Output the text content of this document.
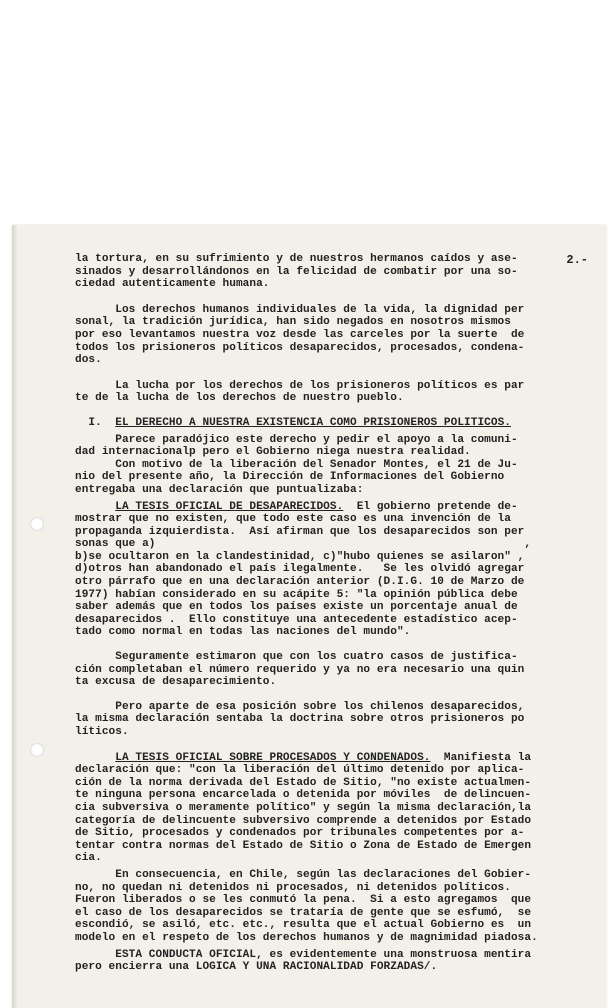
2.-
la tortura, en su sufrimiento y de nuestros hermanos caídos y ase-
sinados y desarrollándonos en la felicidad de combatir por una so-
ciedad autenticamente humana.
Los derechos humanos individuales de la vida, la dignidad per
sonal, la tradición jurídica, han sido negados en nosotros mismos
por eso levantamos nuestra voz desde las carceles por la suerte  de
todos los prisioneros políticos desaparecidos, procesados, condena-
dos.
La lucha por los derechos de los prisioneros políticos es par
te de la lucha de los derechos de nuestro pueblo.
I.  EL DERECHO A NUESTRA EXISTENCIA COMO PRISIONEROS POLITICOS.
Parece paradójico este derecho y pedir el apoyo a la comuni-
dad internacionalp pero el Gobierno niega nuestra realidad.
Con motivo de la liberación del Senador Montes, el 21 de Ju-
nio del presente año, la Dirección de Informaciones del Gobierno
entregaba una declaración que puntualizaba:
LA TESIS OFICIAL DE DESAPARECIDOS.  El gobierno pretende de-
mostrar que no existen, que todo este caso es una invención de la
propaganda izquierdista.  Así afirman que los desaparecidos son per
sonas que a)                                                       ,
b)se ocultaron en la clandestinidad, c)"hubo quienes se asilaron" ,
d)otros han abandonado el país ilegalmente.   Se les olvidó agregar
otro párrafo que en una declaración anterior (D.I.G. 10 de Marzo de
1977) habían considerado en su acápite 5: "la opinión pública debe
saber además que en todos los países existe un porcentaje anual de
desaparecidos .  Ello constituye una antecedente estadístico acep-
tado como normal en todas las naciones del mundo".
Seguramente estimaron que con los cuatro casos de justifica-
ción completaban el número requerido y ya no era necesario una quin
ta excusa de desaparecimiento.
Pero aparte de esa posición sobre los chilenos desaparecidos,
la misma declaración sentaba la doctrina sobre otros prisioneros po
líticos.
LA TESIS OFICIAL SOBRE PROCESADOS Y CONDENADOS.  Manifiesta la
declaración que: "con la liberación del último detenido por aplica-
ción de la norma derivada del Estado de Sitio, "no existe actualmen-
te ninguna persona encarcelada o detenida por móviles  de delincuen-
cia subversiva o meramente político" y según la misma declaración,la
categoría de delincuente subversivo comprende a detenidos por Estado
de Sitio, procesados y condenados por tribunales competentes por a-
tentar contra normas del Estado de Sitio o Zona de Estado de Emergen
cia.
En consecuencia, en Chile, según las declaraciones del Gobier-
no, no quedan ni detenidos ni procesados, ni detenidos políticos.
Fueron liberados o se les conmutó la pena.  Si a esto agregamos  que
el caso de los desaparecidos se trataría de gente que se esfumó,  se
escondió, se asiló, etc. etc., resulta que el actual Gobierno es  un
modelo en el respeto de los derechos humanos y de magnimidad piadosa.
ESTA CONDUCTA OFICIAL, es evidentemente una monstruosa mentira
pero encierra una LOGICA Y UNA RACIONALIDAD FORZADAS/.
